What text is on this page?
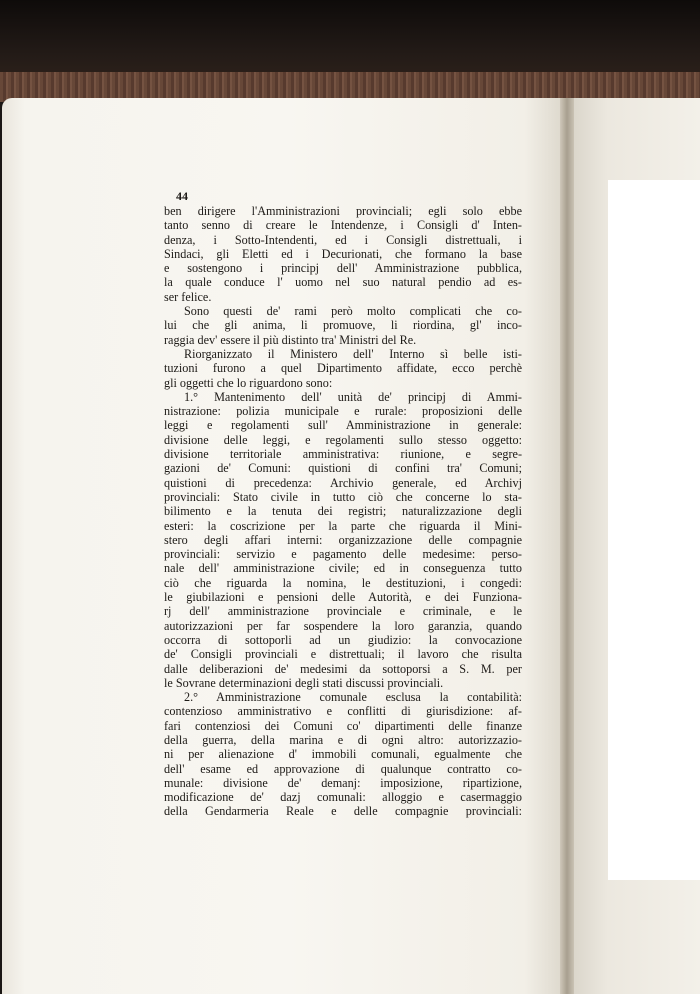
44
ben dirigere l'Amministrazioni provinciali; egli solo ebbe
tanto senno di creare le Intendenze, i Consigli d' Inten-
denza, i Sotto-Intendenti, ed i Consigli distrettuali, i
Sindaci, gli Eletti ed i Decurionati, che formano la base
e sostengono i principj dell' Amministrazione pubblica,
la quale conduce l' uomo nel suo natural pendio ad es-
ser felice.
Sono questi de' rami però molto complicati che co-
lui che gli anima, li promuove, li riordina, gl' inco-
raggia dev' essere il più distinto tra' Ministri del Re.
Riorganizzato il Ministero dell' Interno sì belle isti-
tuzioni furono a quel Dipartimento affidate, ecco perchè
gli oggetti che lo riguardono sono:
1.° Mantenimento dell' unità de' principj di Ammi-
nistrazione: polizia municipale e rurale: proposizioni delle
leggi e regolamenti sull' Amministrazione in generale:
divisione delle leggi, e regolamenti sullo stesso oggetto:
divisione territoriale amministrativa: riunione, e segre-
gazioni de' Comuni: quistioni di confini tra' Comuni;
quistioni di precedenza: Archivio generale, ed Archivj
provinciali: Stato civile in tutto ciò che concerne lo sta-
bilimento e la tenuta dei registri; naturalizzazione degli
esteri: la coscrizione per la parte che riguarda il Mini-
stero degli affari interni: organizzazione delle compagnie
provinciali: servizio e pagamento delle medesime: perso-
nale dell' amministrazione civile; ed in conseguenza tutto
ciò che riguarda la nomina, le destituzioni, i congedi:
le giubilazioni e pensioni delle Autorità, e dei Funziona-
rj dell' amministrazione provinciale e criminale, e le
autorizzazioni per far sospendere la loro garanzia, quando
occorra di sottoporli ad un giudizio: la convocazione
de' Consigli provinciali e distrettuali; il lavoro che risulta
dalle deliberazioni de' medesimi da sottoporsi a S. M. per
le Sovrane determinazioni degli stati discussi provinciali.
2.° Amministrazione comunale esclusa la contabilità:
contenzioso amministrativo e conflitti di giurisdizione: af-
fari contenziosi dei Comuni co' dipartimenti delle finanze
della guerra, della marina e di ogni altro: autorizzazio-
ni per alienazione d' immobili comunali, egualmente che
dell' esame ed approvazione di qualunque contratto co-
munale: divisione de' demanj: imposizione, ripartizione,
modificazione de' dazj comunali: alloggio e casermaggio
della Gendarmeria Reale e delle compagnie provinciali:
